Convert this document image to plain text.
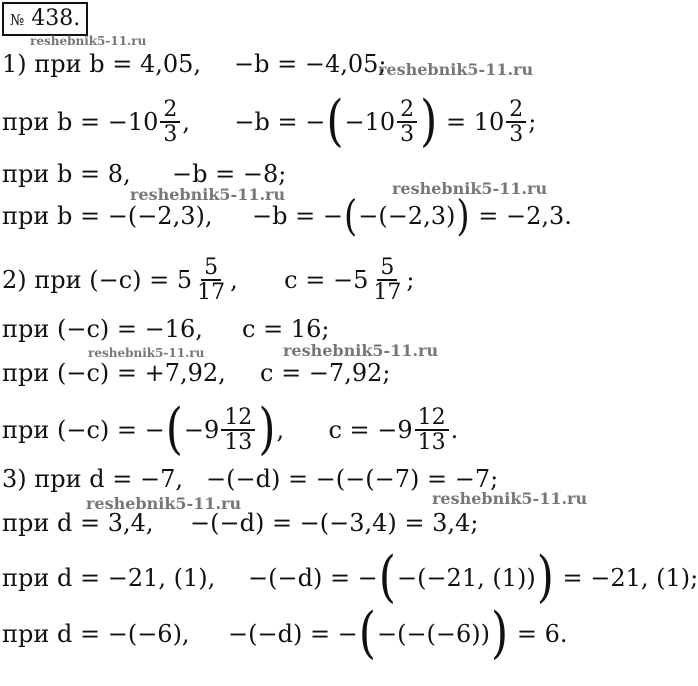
№ 438.
reshebnik5-11.ru
reshebnik5-11.ru
reshebnik5-11.ru	reshebnik5-11.ru
reshebnik5-11.ru	reshebnik5-11.ru
reshebnik5-11.ru	reshebnik5-11.ru
1) при b = 4,05,	−b = −4,05;
при $b = -10 \frac{2}{3}$ ,	−b = − ( $-10 \frac{2}{3}$ ) = $10 \frac{2}{3}$ ;
при b = 8,	−b = −8;
при b = −(−2,3),	−b = − ( −(−2,3) ) = −2,3.
2) при $(-c) = 5 \frac{5}{17}$ ,	$c = -5 \frac{5}{17}$ ;
при (−c) = −16,	c = 16;
при (−c) = +7,92,	c = −7,92;
при (−c) = − ( $-9 \frac{12}{13}$ ) ,	$c = -9 \frac{12}{13}$ .
3) при d = −7, −(−d) = −(−(−7) = −7;
при d = 3,4,	−(−d) = −(−3,4) = 3,4;
при d = −21, (1),	−(−d) = − ( −(−21, (1)) ) = −21, (1);
при d = −(−6),	−(−d) = − ( −(−(−6)) ) = 6.
